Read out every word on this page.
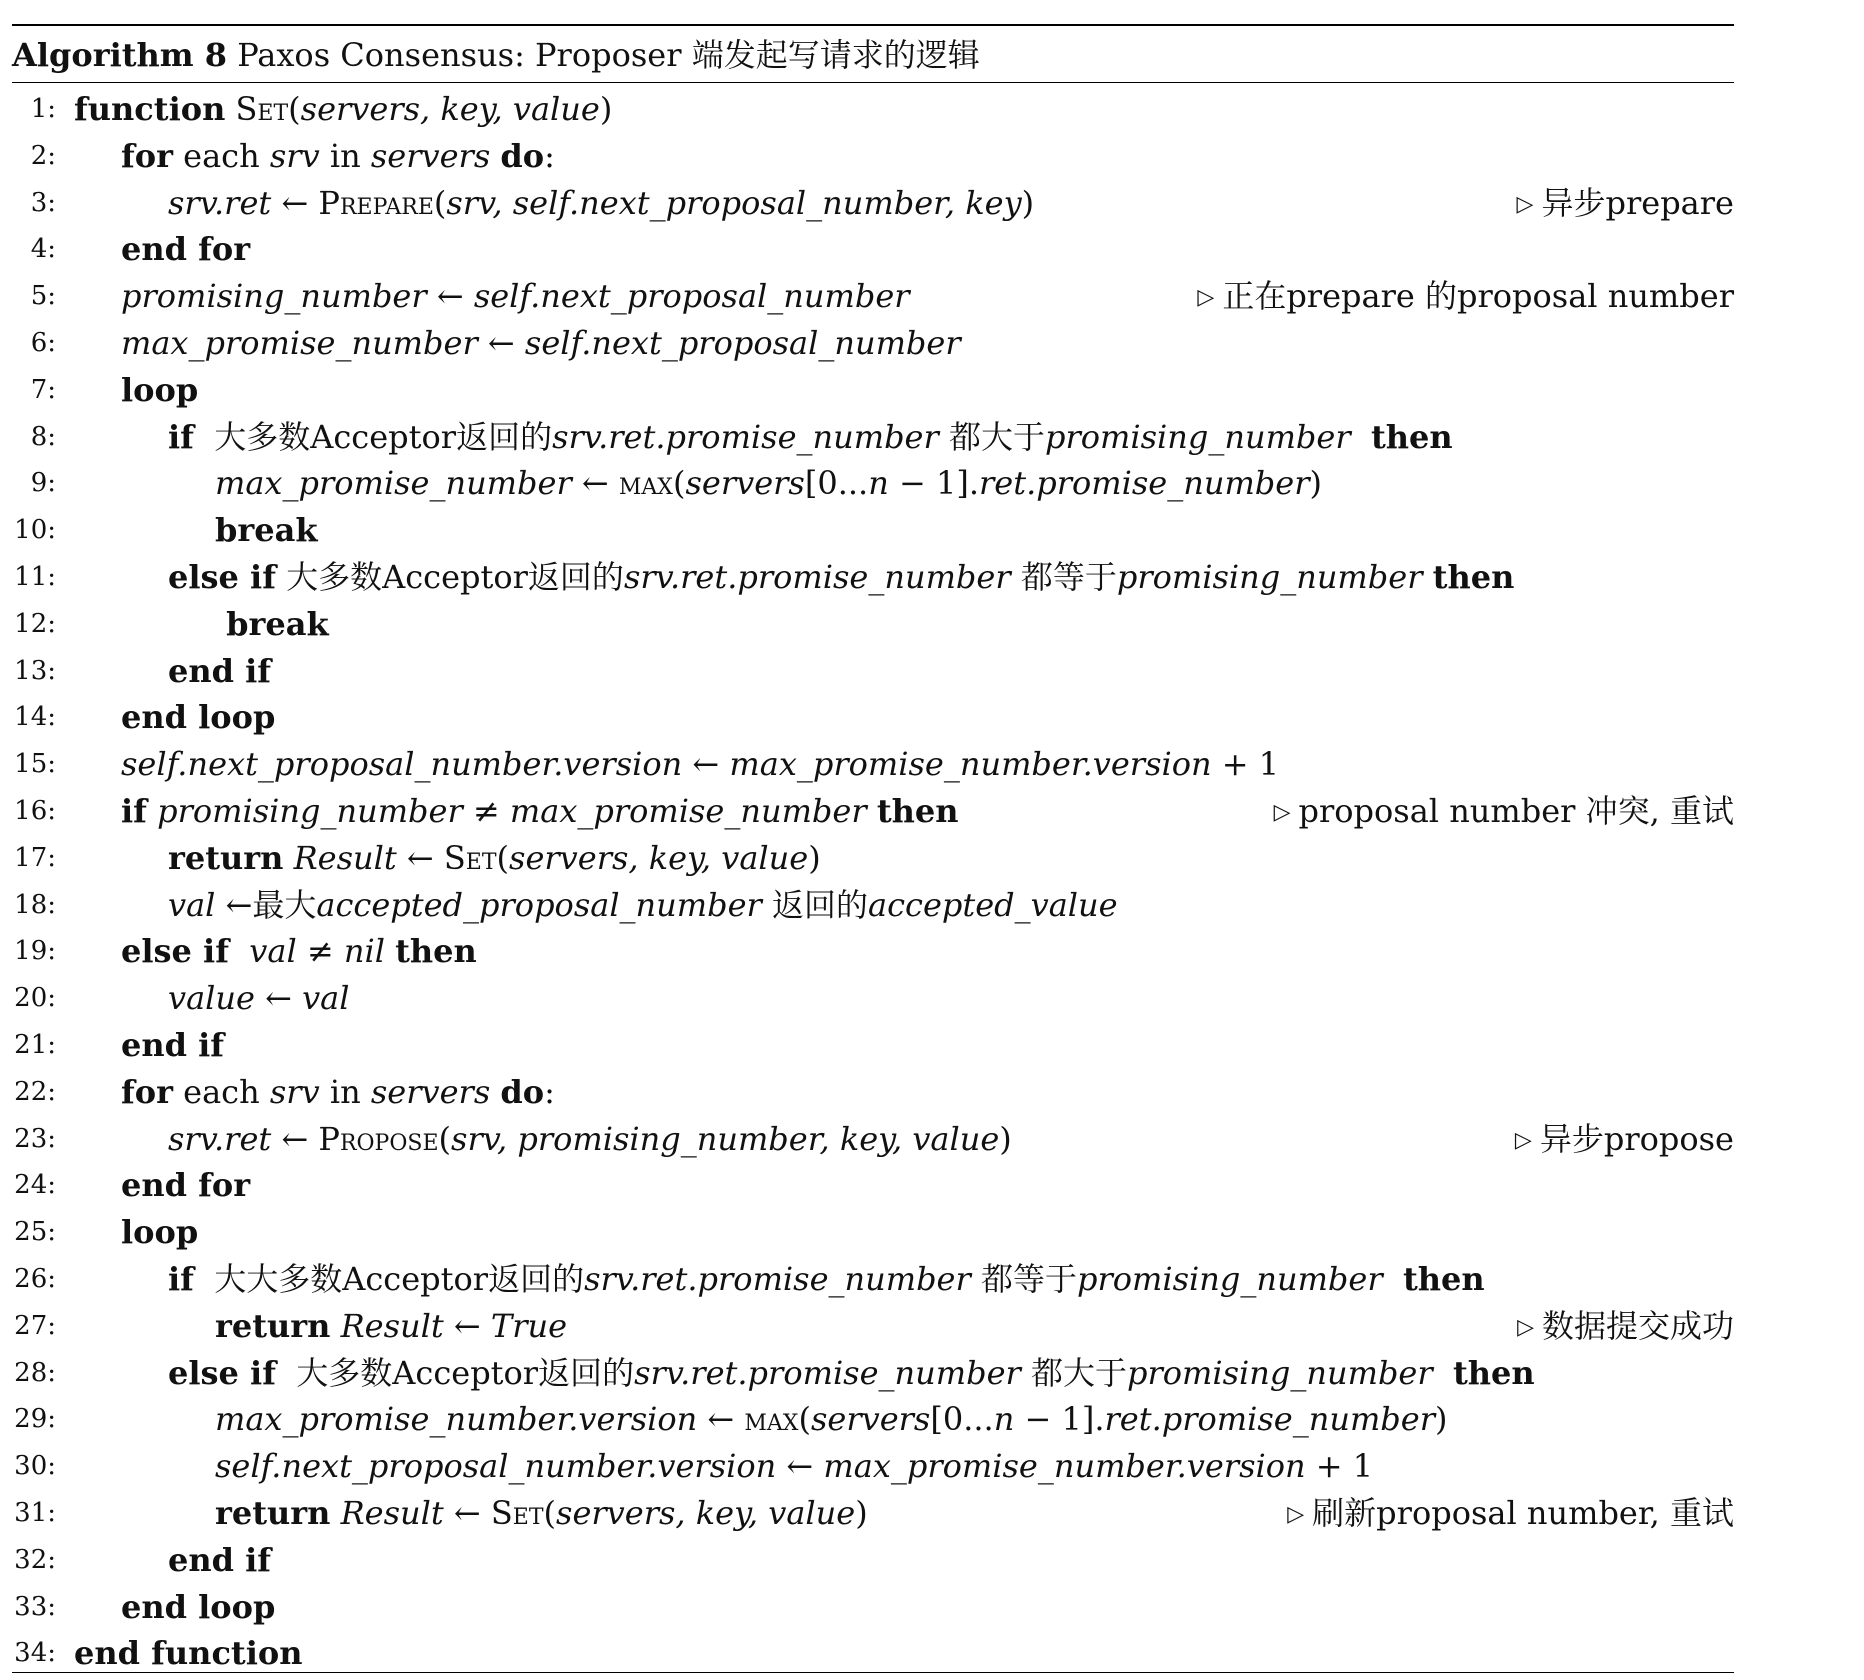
Algorithm 8 Paxos Consensus: Proposer 端发起写请求的逻辑
1: function Set(servers, key, value)
2: for each srv in servers do:
3:	srv.ret ← Prepare(srv, self.next_proposal_number, key)	▷ 异步prepare
4: end for
5: promising_number ← self.next_proposal_number	▷ 正在prepare 的proposal number
6: max_promise_number ← self.next_proposal_number
7: loop
8:	if  大多数Acceptor返回的srv.ret.promise_number 都大于promising_number then
9:	max_promise_number ← max(servers[0...n − 1].ret.promise_number)
10:	break
11:	else if 大多数Acceptor返回的srv.ret.promise_number 都等于promising_number then
12:	break
13:	end if
14: end loop
15: self.next_proposal_number.version ← max_promise_number.version + 1
16: if promising_number ≠ max_promise_number then	▷ proposal number 冲突, 重试
17:	return Result ← Set(servers, key, value)
18:	val ←最大accepted_proposal_number 返回的accepted_value
19: else if val ≠ nil then
20:	value ← val
21: end if
22: for each srv in servers do:
23:	srv.ret ← Propose(srv, promising_number, key, value)	▷ 异步propose
24: end for
25: loop
26:	if  大大多数Acceptor返回的srv.ret.promise_number 都等于promising_number then
27:	return Result ← True	▷ 数据提交成功
28:	else if  大多数Acceptor返回的srv.ret.promise_number 都大于promising_number then
29:	max_promise_number.version ← max(servers[0...n − 1].ret.promise_number)
30:	self.next_proposal_number.version ← max_promise_number.version + 1
31:	return Result ← Set(servers, key, value)	▷ 刷新proposal number, 重试
32:	end if
33: end loop
34: end function
